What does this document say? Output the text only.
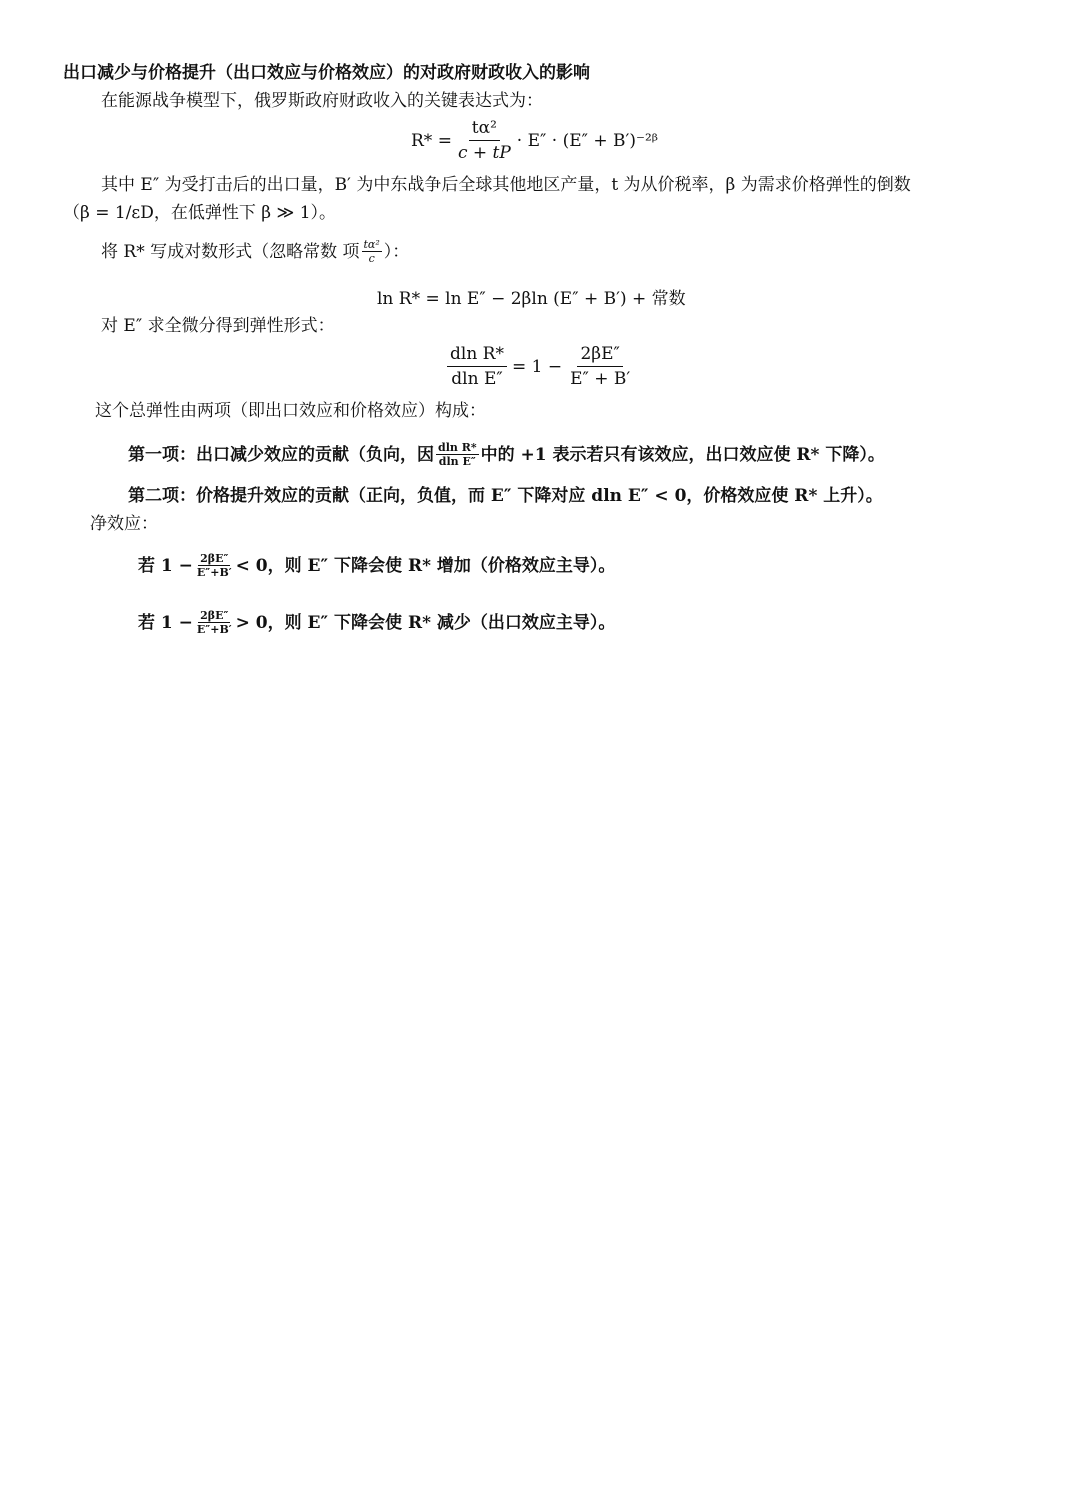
出口减少与价格提升（出口效应与价格效应）的对政府财政收入的影响
在能源战争模型下，俄罗斯政府财政收入的关键表达式为：
$R* = \frac{\text{tα²}}{c + tP} \cdot E'' \cdot (E''$ + B′)⁻²ᵝ
其中 E″ 为受打击后的出口量，B′ 为中东战争后全球其他地区产量，t 为从价税率，β 为需求价格弹性的倒数
（β = 1/εD，在低弹性下 β ≫ 1）。
将 R* 写成对数形式（忽略常数 项 $\frac{\text{tα²}}{c}$ ）：
ln R* = ln E″ − 2βln (E″ + B′) + 常数
对 E″ 求全微分得到弹性形式：
$\frac{\text{dln R*}}{\text{dln E″}} = 1 - \frac{2\beta E''}{E'' + B'}$
这个总弹性由两项（即出口效应和价格效应）构成：
第一项：出口减少效应的贡献（负向，因 $\frac{\text{dln R*}}{\text{dln E″}}$ 中的 +1 表示若只有该效应，出口效应使 R* 下降）。
第二项：价格提升效应的贡献（正向，负值，而 E″ 下降对应 dln E″ < 0，价格效应使 R* 上升）。
净效应：
若 $1 - \frac{2\beta E''}{E''+B'} < 0$，则 E″ 下降会使 R* 增加（价格效应主导）。
若 $1 - \frac{2\beta E''}{E''+B'} > 0$，则 E″ 下降会使 R* 减少（出口效应主导）。
